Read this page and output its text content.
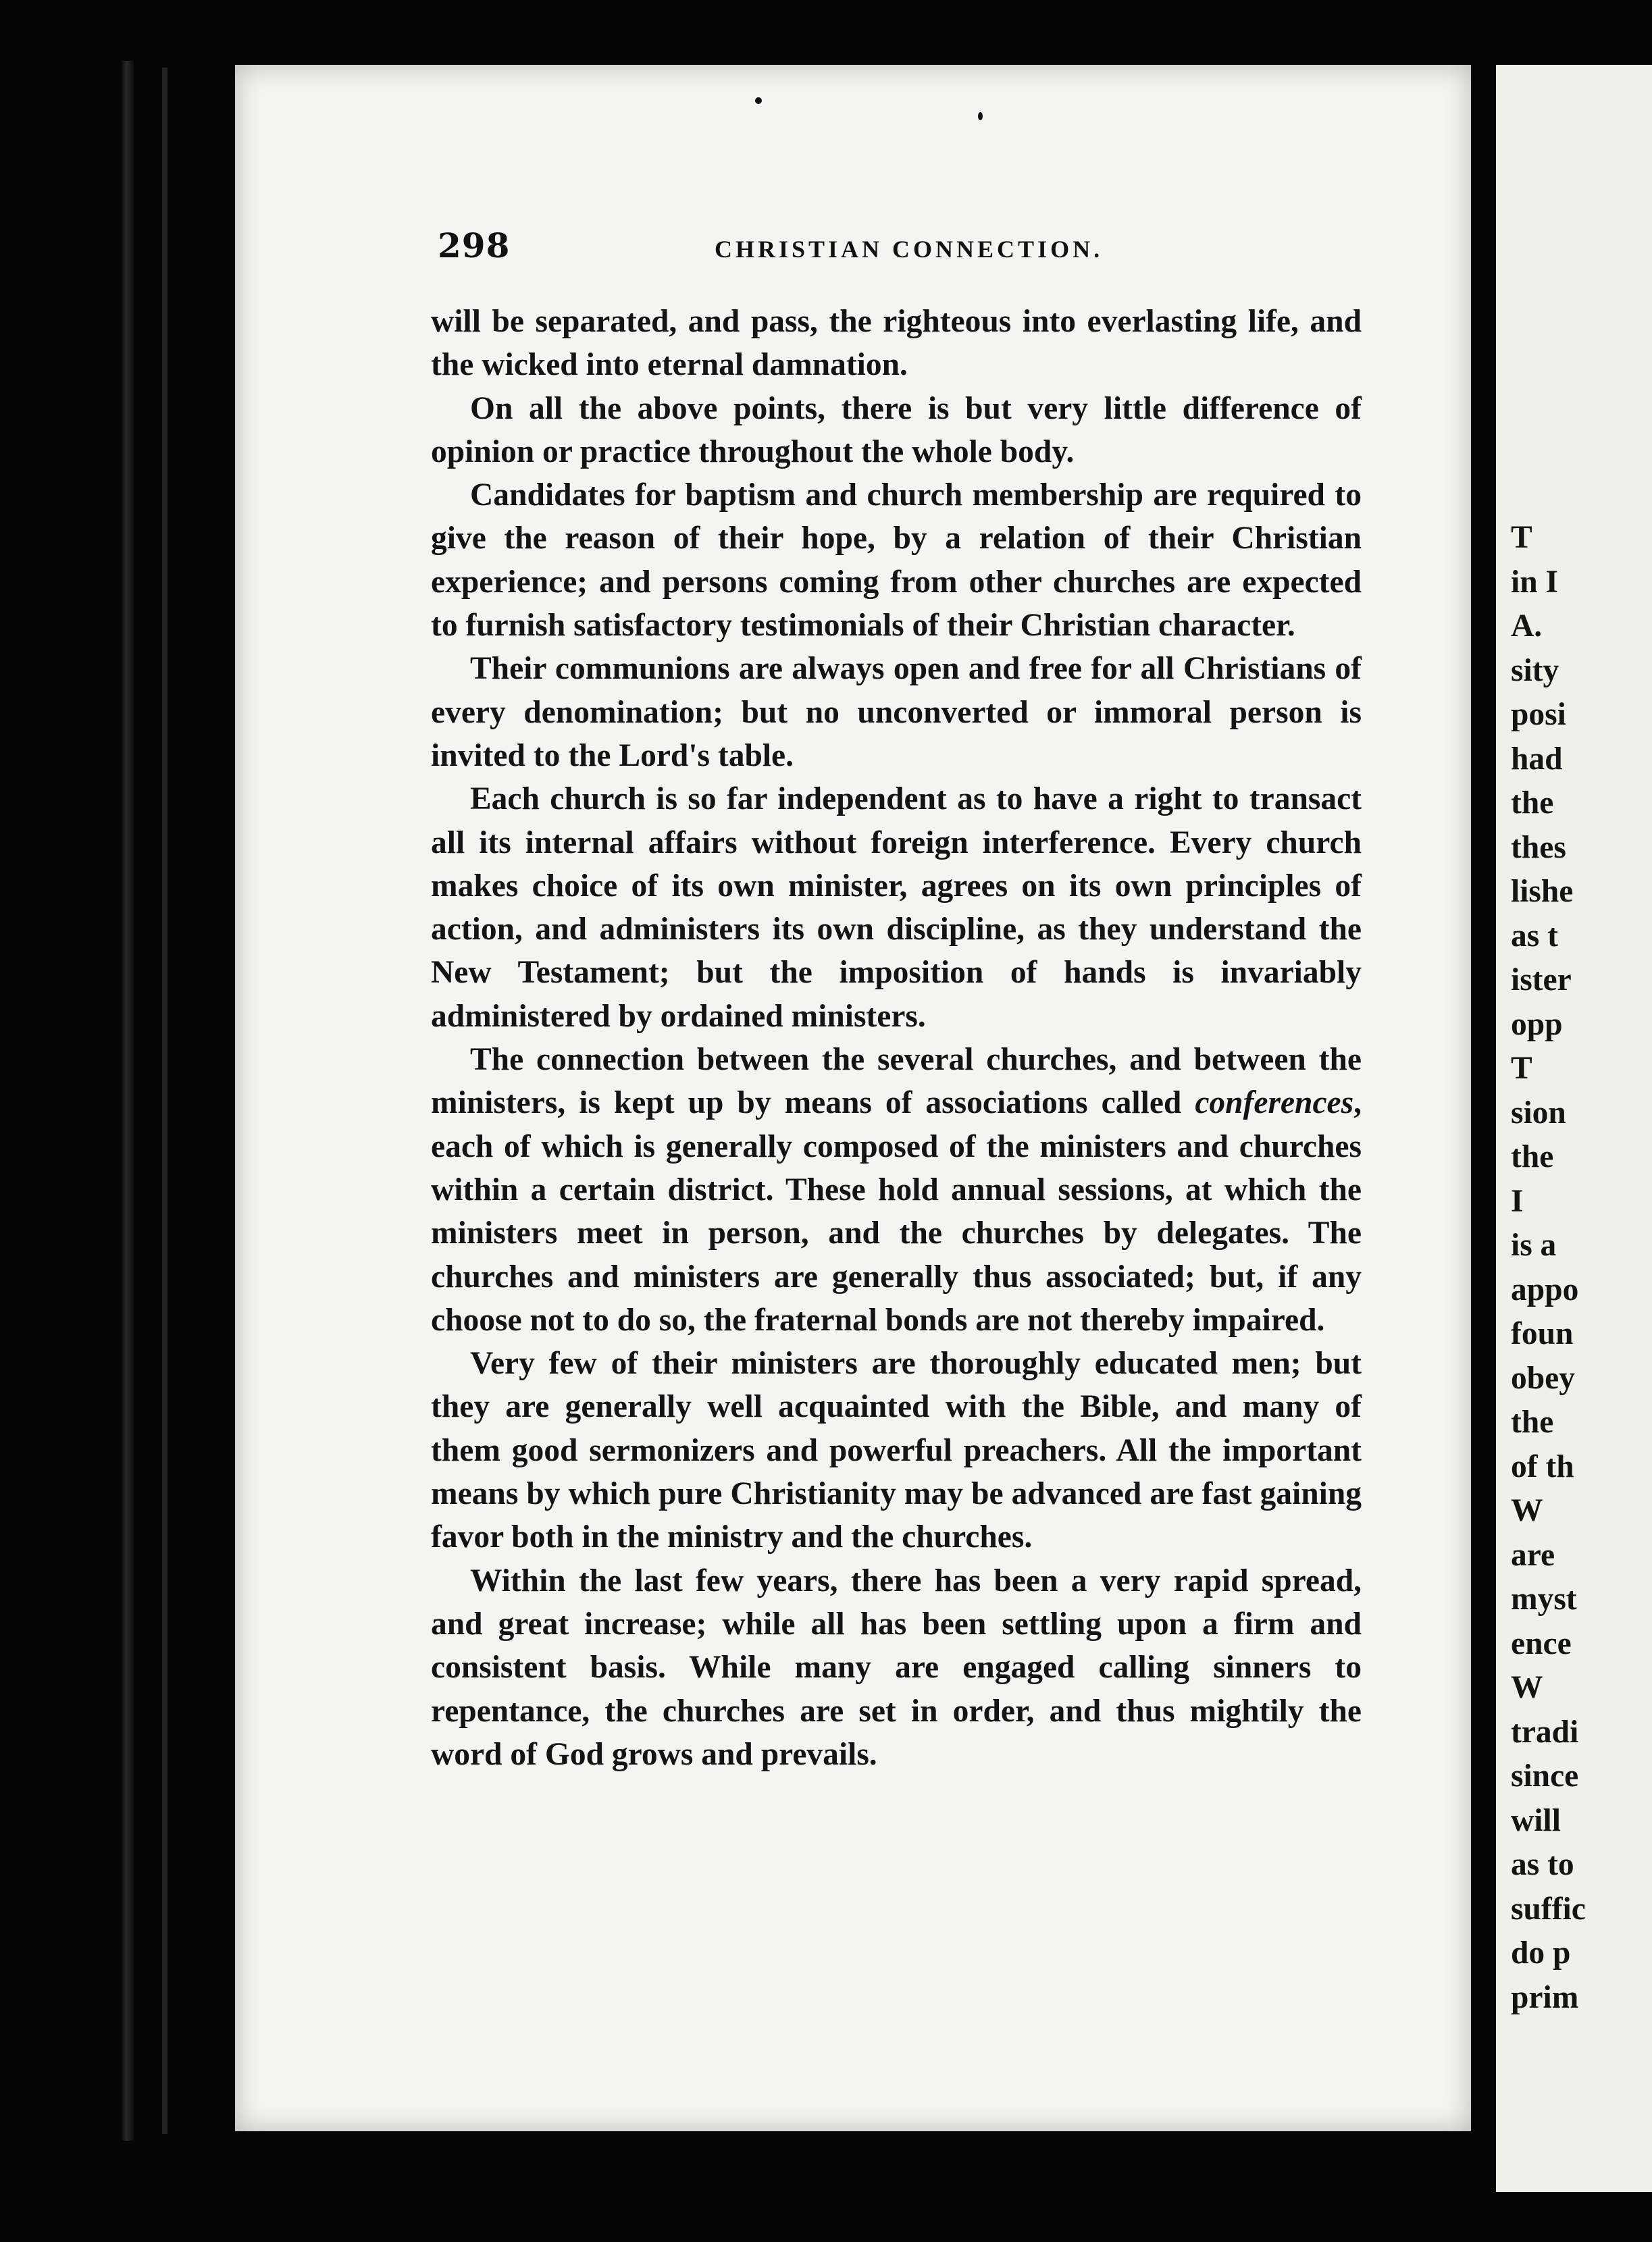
298	CHRISTIAN CONNECTION.

will be separated, and pass, the righteous into everlasting life, and the wicked into eternal damnation.

On all the above points, there is but very little difference of opinion or practice throughout the whole body.

Candidates for baptism and church membership are required to give the reason of their hope, by a relation of their Christian experience; and persons coming from other churches are expected to furnish satisfactory testimonials of their Christian character.

Their communions are always open and free for all Christians of every denomination; but no unconverted or immoral person is invited to the Lord's table.

Each church is so far independent as to have a right to transact all its internal affairs without foreign interference. Every church makes choice of its own minister, agrees on its own principles of action, and administers its own discipline, as they understand the New Testament; but the imposition of hands is invariably administered by ordained ministers.

The connection between the several churches, and between the ministers, is kept up by means of associations called conferences, each of which is generally composed of the ministers and churches within a certain district. These hold annual sessions, at which the ministers meet in person, and the churches by delegates. The churches and ministers are generally thus associated; but, if any choose not to do so, the fraternal bonds are not thereby impaired.

Very few of their ministers are thoroughly educated men; but they are generally well acquainted with the Bible, and many of them good sermonizers and powerful preachers. All the important means by which pure Christianity may be advanced are fast gaining favor both in the ministry and the churches.

Within the last few years, there has been a very rapid spread, and great increase; while all has been settling upon a firm and consistent basis. While many are engaged calling sinners to repentance, the churches are set in order, and thus mightily the word of God grows and prevails.

T
in I
A.
sity
posi
had
the
thes
lishe
as t
ister
opp
T
sion
the
I
is a
appo
foun
obey
the
of th
W
are
myst
ence
W
tradi
since
will
as to
suffic
do p
prim
